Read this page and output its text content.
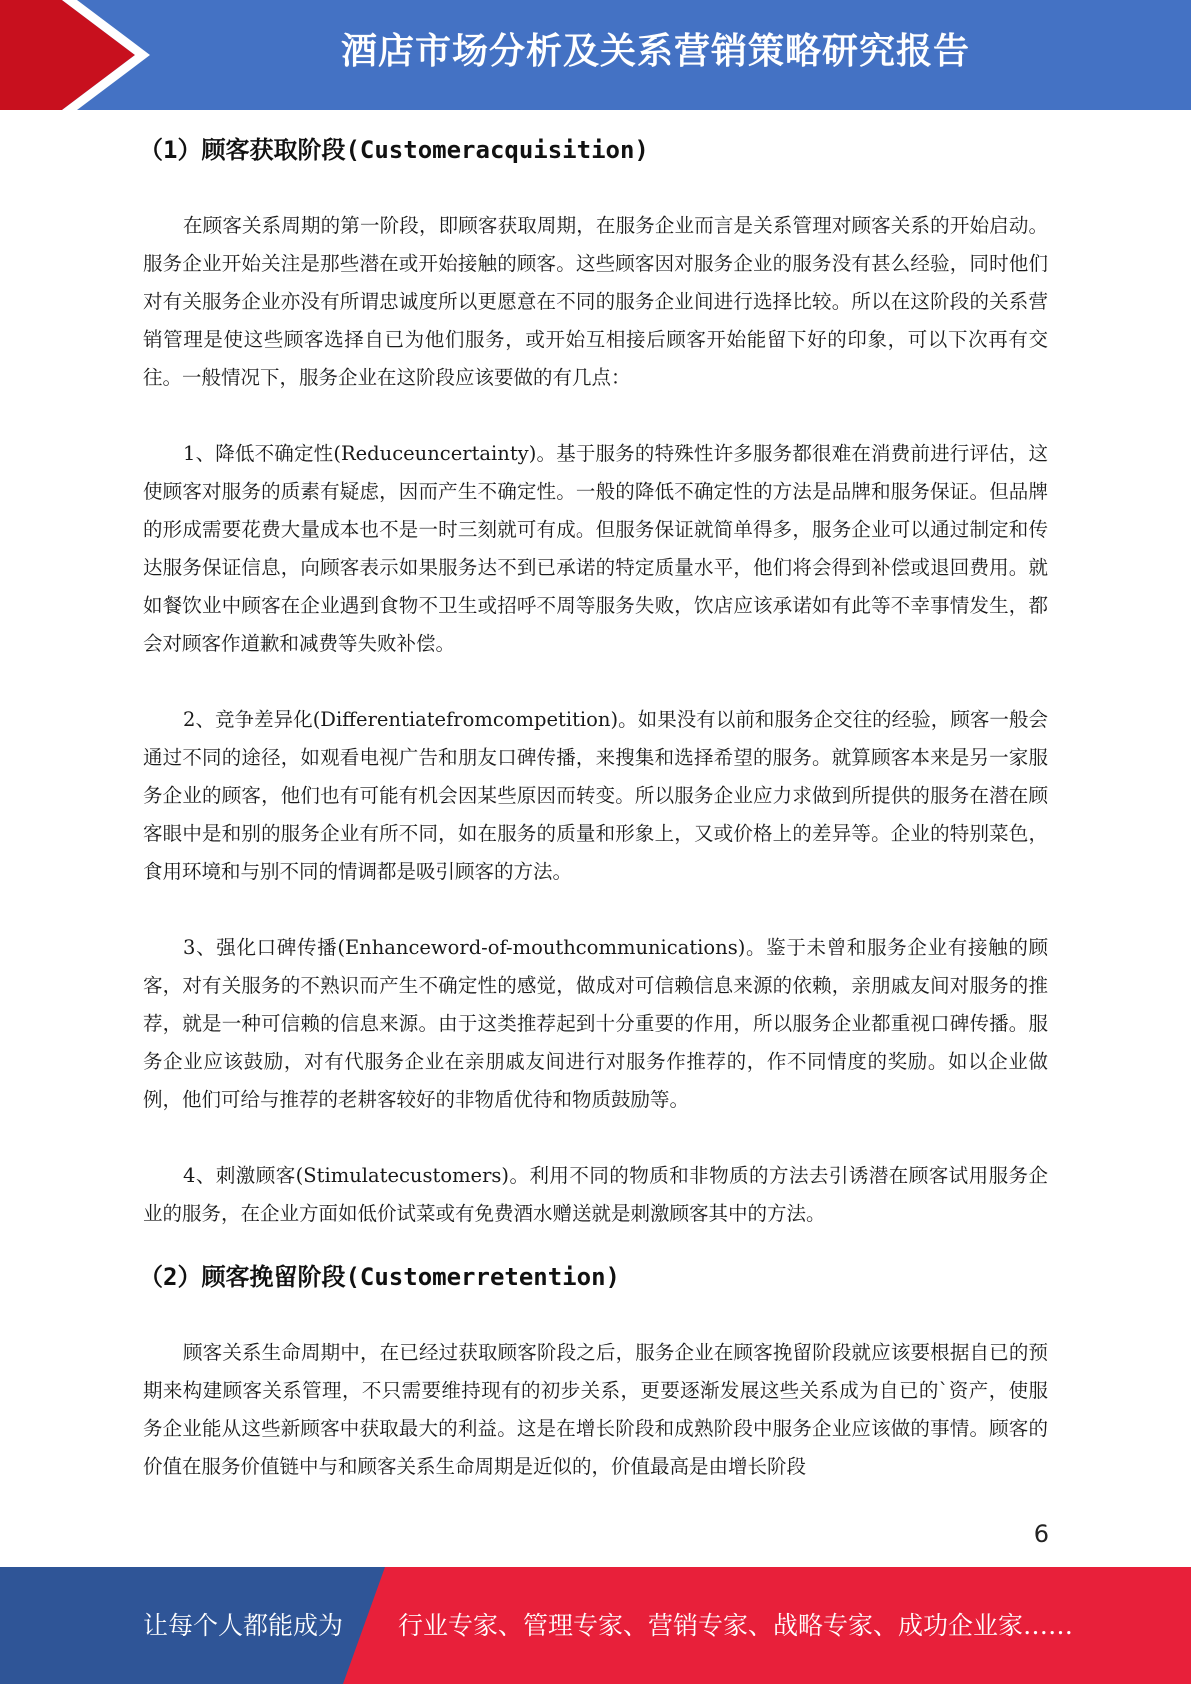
酒店市场分析及关系营销策略研究报告
（1）顾客获取阶段(Customeracquisition)

在顾客关系周期的第一阶段，即顾客获取周期，在服务企业而言是关系管理对顾客关系的开始启动。服务企业开始关注是那些潜在或开始接触的顾客。这些顾客因对服务企业的服务没有甚么经验，同时他们对有关服务企业亦没有所谓忠诚度所以更愿意在不同的服务企业间进行选择比较。所以在这阶段的关系营销管理是使这些顾客选择自已为他们服务，或开始互相接后顾客开始能留下好的印象，可以下次再有交往。一般情况下，服务企业在这阶段应该要做的有几点：

1、降低不确定性(Reduceuncertainty)。基于服务的特殊性许多服务都很难在消费前进行评估，这使顾客对服务的质素有疑虑，因而产生不确定性。一般的降低不确定性的方法是品牌和服务保证。但品牌的形成需要花费大量成本也不是一时三刻就可有成。但服务保证就简单得多，服务企业可以通过制定和传达服务保证信息，向顾客表示如果服务达不到已承诺的特定质量水平，他们将会得到补偿或退回费用。就如餐饮业中顾客在企业遇到食物不卫生或招呼不周等服务失败，饮店应该承诺如有此等不幸事情发生，都会对顾客作道歉和减费等失败补偿。

2、竞争差异化(Differentiatefromcompetition)。如果没有以前和服务企交往的经验，顾客一般会通过不同的途径，如观看电视广告和朋友口碑传播，来搜集和选择希望的服务。就算顾客本来是另一家服务企业的顾客，他们也有可能有机会因某些原因而转变。所以服务企业应力求做到所提供的服务在潜在顾客眼中是和别的服务企业有所不同，如在服务的质量和形象上，又或价格上的差异等。企业的特别菜色，食用环境和与别不同的情调都是吸引顾客的方法。

3、强化口碑传播(Enhanceword-of-mouthcommunications)。鉴于未曾和服务企业有接触的顾客，对有关服务的不熟识而产生不确定性的感觉，做成对可信赖信息来源的依赖，亲朋戚友间对服务的推荐，就是一种可信赖的信息来源。由于这类推荐起到十分重要的作用，所以服务企业都重视口碑传播。服务企业应该鼓励，对有代服务企业在亲朋戚友间进行对服务作推荐的，作不同情度的奖励。如以企业做例，他们可给与推荐的老耕客较好的非物盾优待和物质鼓励等。

4、刺激顾客(Stimulatecustomers)。利用不同的物质和非物质的方法去引诱潜在顾客试用服务企业的服务，在企业方面如低价试菜或有免费酒水赠送就是刺激顾客其中的方法。

（2）顾客挽留阶段(Customerretention)

顾客关系生命周期中，在已经过获取顾客阶段之后，服务企业在顾客挽留阶段就应该要根据自已的预期来构建顾客关系管理，不只需要维持现有的初步关系，更要逐渐发展这些关系成为自已的`资产，使服务企业能从这些新顾客中获取最大的利益。这是在增长阶段和成熟阶段中服务企业应该做的事情。顾客的价值在服务价值链中与和顾客关系生命周期是近似的，价值最高是由增长阶段

6
让每个人都能成为 行业专家、管理专家、营销专家、战略专家、成功企业家……
